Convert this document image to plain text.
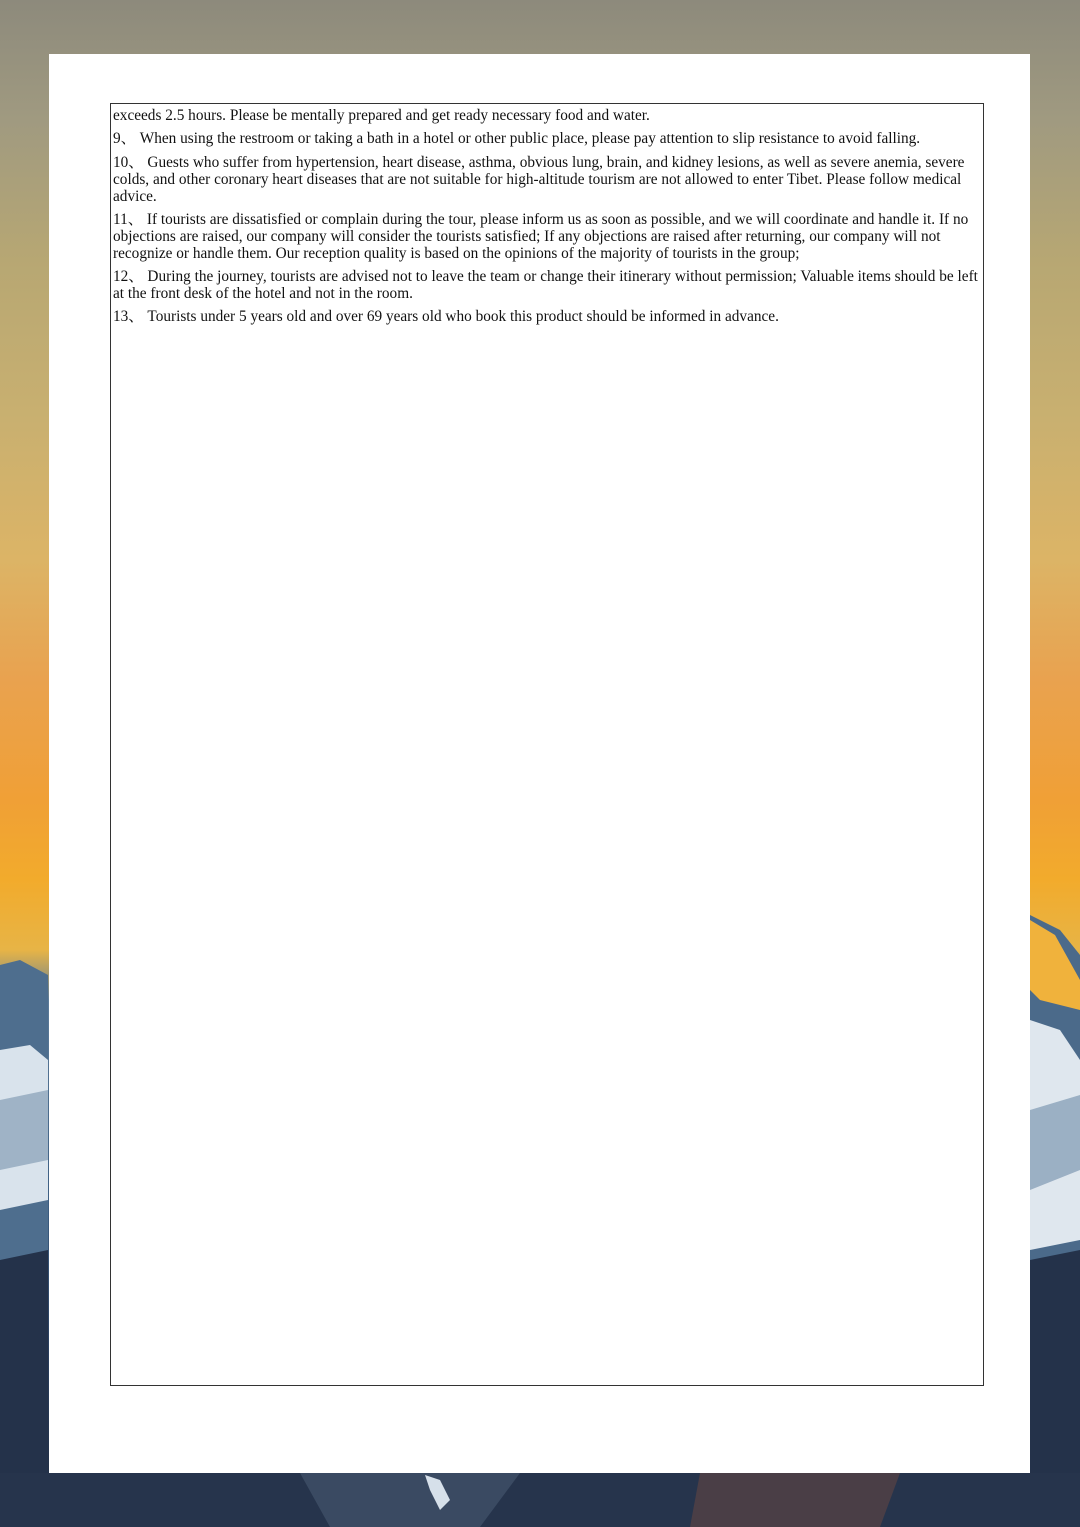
exceeds 2.5 hours. Please be mentally prepared and get ready necessary food and water.

9、 When using the restroom or taking a bath in a hotel or other public place, please pay attention to slip resistance to avoid falling.

10、 Guests who suffer from hypertension, heart disease, asthma, obvious lung, brain, and kidney lesions, as well as severe anemia, severe colds, and other coronary heart diseases that are not suitable for high-altitude tourism are not allowed to enter Tibet. Please follow medical advice.

11、 If tourists are dissatisfied or complain during the tour, please inform us as soon as possible, and we will coordinate and handle it. If no objections are raised, our company will consider the tourists satisfied; If any objections are raised after returning, our company will not recognize or handle them. Our reception quality is based on the opinions of the majority of tourists in the group;

12、 During the journey, tourists are advised not to leave the team or change their itinerary without permission; Valuable items should be left at the front desk of the hotel and not in the room.

13、 Tourists under 5 years old and over 69 years old who book this product should be informed in advance.
